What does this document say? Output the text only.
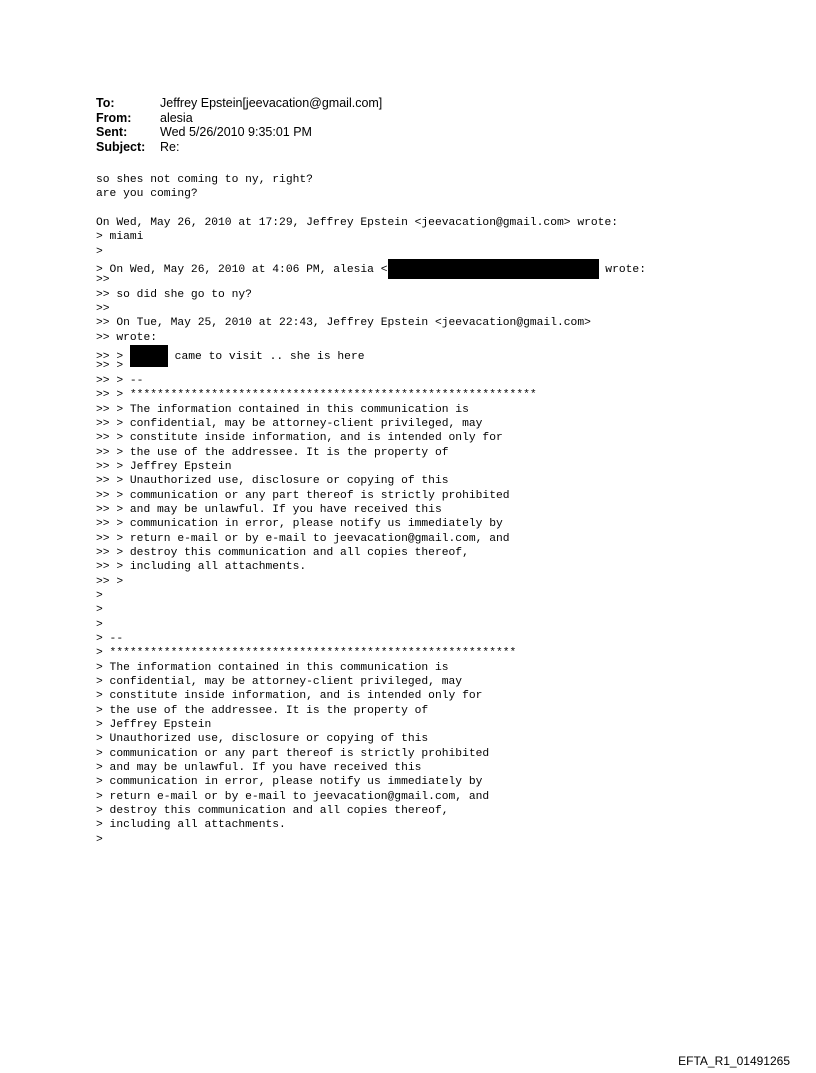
To:	Jeffrey Epstein[jeevacation@gmail.com]
From:	alesia
Sent:	Wed 5/26/2010 9:35:01 PM
Subject:	Re:
so shes not coming to ny, right?
are you coming?
On Wed, May 26, 2010 at 17:29, Jeffrey Epstein <jeevacation@gmail.com> wrote:
> miami
>
> On Wed, May 26, 2010 at 4:06 PM, alesia <	wrote:
>>
>> so did she go to ny?
>>
>> On Tue, May 25, 2010 at 22:43, Jeffrey Epstein <jeevacation@gmail.com>
>> wrote:
>> >	came to visit .. she is here
>> >
>> > --
>> > ************************************************************
>> > The information contained in this communication is
>> > confidential, may be attorney-client privileged, may
>> > constitute inside information, and is intended only for
>> > the use of the addressee. It is the property of
>> > Jeffrey Epstein
>> > Unauthorized use, disclosure or copying of this
>> > communication or any part thereof is strictly prohibited
>> > and may be unlawful. If you have received this
>> > communication in error, please notify us immediately by
>> > return e-mail or by e-mail to jeevacation@gmail.com, and
>> > destroy this communication and all copies thereof,
>> > including all attachments.
>> >
>
>
>
> --
> ************************************************************
> The information contained in this communication is
> confidential, may be attorney-client privileged, may
> constitute inside information, and is intended only for
> the use of the addressee. It is the property of
> Jeffrey Epstein
> Unauthorized use, disclosure or copying of this
> communication or any part thereof is strictly prohibited
> and may be unlawful. If you have received this
> communication in error, please notify us immediately by
> return e-mail or by e-mail to jeevacation@gmail.com, and
> destroy this communication and all copies thereof,
> including all attachments.
>
EFTA_R1_01491265
